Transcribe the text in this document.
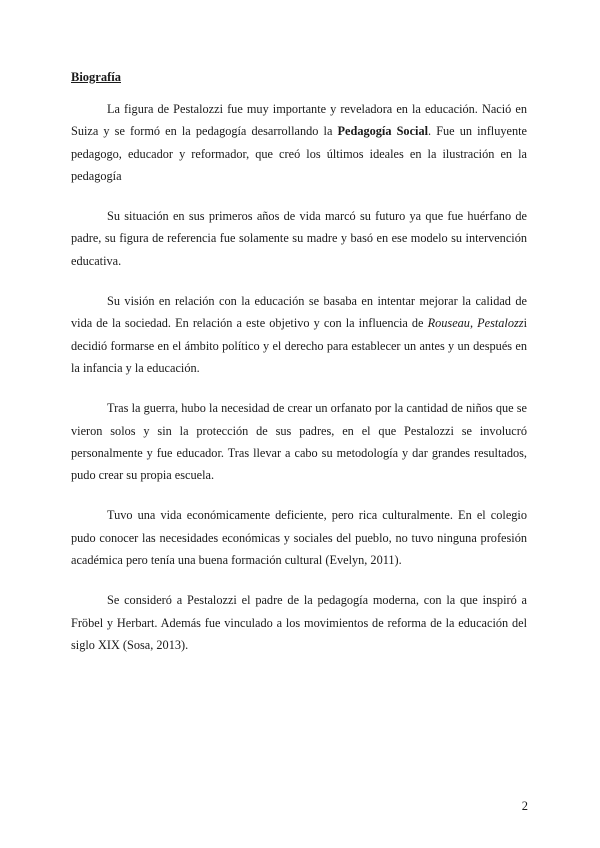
Biografía

La figura de Pestalozzi fue muy importante y reveladora en la educación. Nació en Suiza y se formó en la pedagogía desarrollando la Pedagogía Social. Fue un influyente pedagogo, educador y reformador, que creó los últimos ideales en la ilustración en la pedagogía

Su situación en sus primeros años de vida marcó su futuro ya que fue huérfano de padre, su figura de referencia fue solamente su madre y basó en ese modelo su intervención educativa.

Su visión en relación con la educación se basaba en intentar mejorar la calidad de vida de la sociedad. En relación a este objetivo y con la influencia de Rouseau, Pestalozzi decidió formarse en el ámbito político y el derecho para establecer un antes y un después en la infancia y la educación.

Tras la guerra, hubo la necesidad de crear un orfanato por la cantidad de niños que se vieron solos y sin la protección de sus padres, en el que Pestalozzi se involucró personalmente y fue educador. Tras llevar a cabo su metodología y dar grandes resultados, pudo crear su propia escuela.

Tuvo una vida económicamente deficiente, pero rica culturalmente. En el colegio pudo conocer las necesidades económicas y sociales del pueblo, no tuvo ninguna profesión académica pero tenía una buena formación cultural (Evelyn, 2011).

Se consideró a Pestalozzi el padre de la pedagogía moderna, con la que inspiró a Fröbel y Herbart. Además fue vinculado a los movimientos de reforma de la educación del siglo XIX (Sosa, 2013).

2
